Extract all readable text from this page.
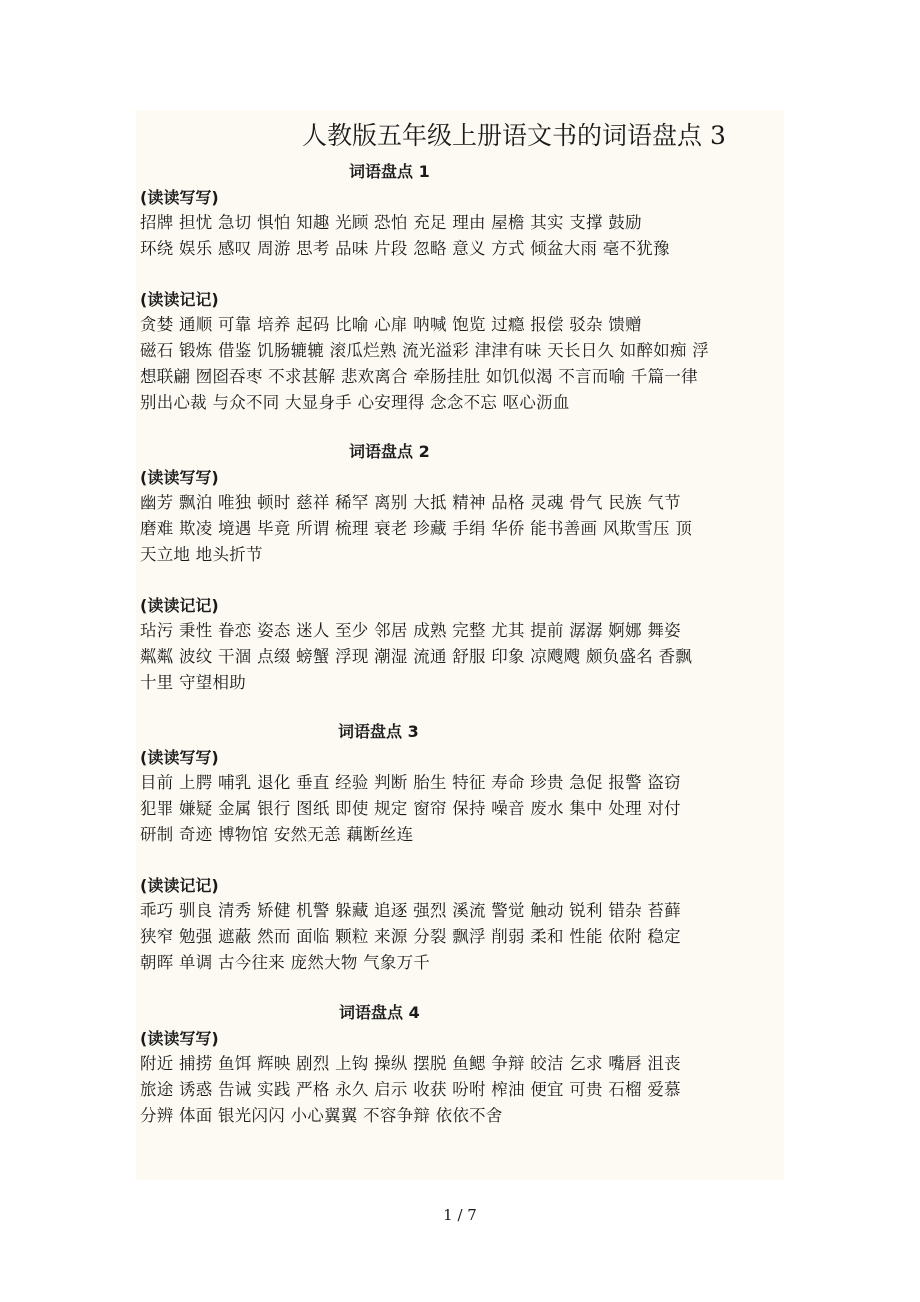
人教版五年级上册语文书的词语盘点 3
词语盘点 1
(读读写写)
招牌 担忧 急切 惧怕 知趣 光顾 恐怕 充足 理由 屋檐 其实 支撑 鼓励
环绕 娱乐 感叹 周游 思考 品味 片段 忽略 意义 方式 倾盆大雨 毫不犹豫
(读读记记)
贪婪 通顺 可靠 培养 起码 比喻 心扉 呐喊 饱览 过瘾 报偿 驳杂 馈赠
磁石 锻炼 借鉴 饥肠辘辘 滚瓜烂熟 流光溢彩 津津有味 天长日久 如醉如痴 浮
想联翩 囫囵吞枣 不求甚解 悲欢离合 牵肠挂肚 如饥似渴 不言而喻 千篇一律
别出心裁 与众不同 大显身手 心安理得 念念不忘 呕心沥血
词语盘点 2
(读读写写)
幽芳 飘泊 唯独 顿时 慈祥 稀罕 离别 大抵 精神 品格 灵魂 骨气 民族 气节
磨难 欺凌 境遇 毕竟 所谓 梳理 衰老 珍藏 手绢 华侨 能书善画 风欺雪压 顶
天立地 地头折节
(读读记记)
玷污 秉性 眷恋 姿态 迷人 至少 邻居 成熟 完整 尤其 提前 潺潺 婀娜 舞姿
粼粼 波纹 干涸 点缀 螃蟹 浮现 潮湿 流通 舒服 印象 凉飕飕 颇负盛名 香飘
十里 守望相助
词语盘点 3
(读读写写)
目前 上腭 哺乳 退化 垂直 经验 判断 胎生 特征 寿命 珍贵 急促 报警 盗窃
犯罪 嫌疑 金属 银行 图纸 即使 规定 窗帘 保持 噪音 废水 集中 处理 对付
研制 奇迹 博物馆 安然无恙 藕断丝连
(读读记记)
乖巧 驯良 清秀 矫健 机警 躲藏 追逐 强烈 溪流 警觉 触动 锐利 错杂 苔藓
狭窄 勉强 遮蔽 然而 面临 颗粒 来源 分裂 飘浮 削弱 柔和 性能 依附 稳定
朝晖 单调 古今往来 庞然大物 气象万千
词语盘点 4
(读读写写)
附近 捕捞 鱼饵 辉映 剧烈 上钩 操纵 摆脱 鱼鳃 争辩 皎洁 乞求 嘴唇 沮丧
旅途 诱惑 告诫 实践 严格 永久 启示 收获 吩咐 榨油 便宜 可贵 石榴 爱慕
分辨 体面 银光闪闪 小心翼翼 不容争辩 依依不舍
1 / 7
